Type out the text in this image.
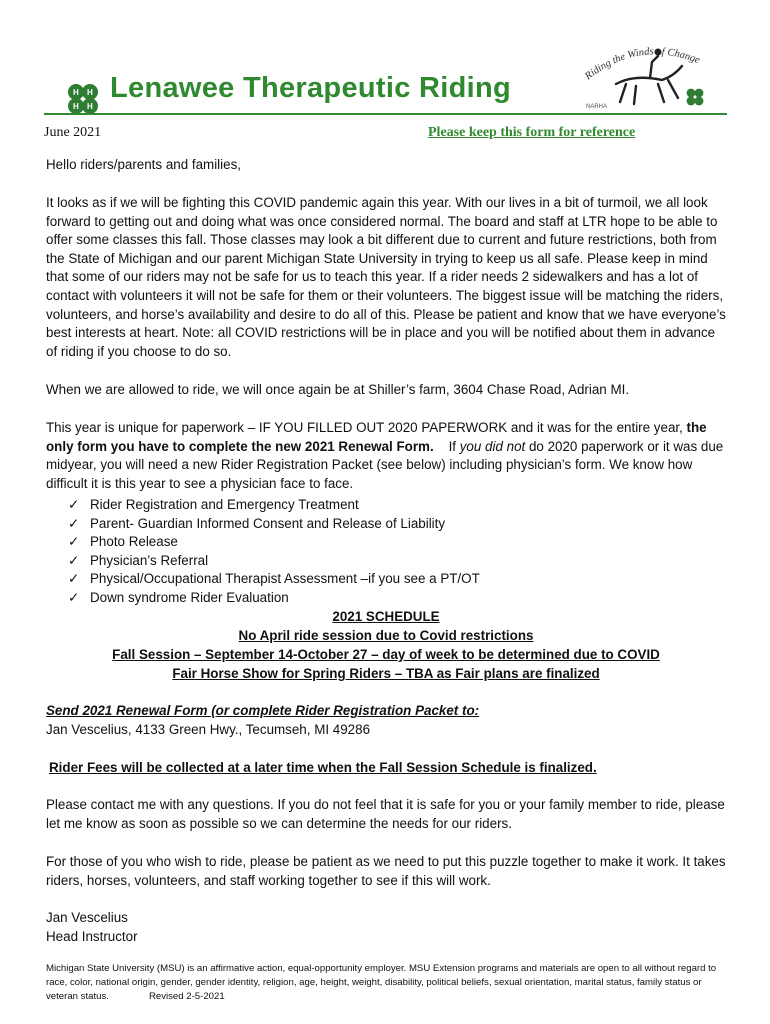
H H
H H
Lenawee Therapeutic Riding	Riding the Winds f Change
NARHA
June 2021	Please keep this form for reference
Hello riders/parents and families,
It looks as if we will be fighting this COVID pandemic again this year. With our lives in a bit of turmoil, we all look forward to getting out and doing what was once considered normal. The board and staff at LTR hope to be able to offer some classes this fall. Those classes may look a bit different due to current and future restrictions, both from the State of Michigan and our parent Michigan State University in trying to keep us all safe. Please keep in mind that some of our riders may not be safe for us to teach this year. If a rider needs 2 sidewalkers and has a lot of contact with volunteers it will not be safe for them or their volunteers. The biggest issue will be matching the riders, volunteers, and horse’s availability and desire to do all of this. Please be patient and know that we have everyone’s best interests at heart. Note: all COVID restrictions will be in place and you will be notified about them in advance of riding if you choose to do so.
When we are allowed to ride, we will once again be at Shiller’s farm, 3604 Chase Road, Adrian MI.
This year is unique for paperwork – IF YOU FILLED OUT 2020 PAPERWORK and it was for the entire year, the only form you have to complete the new 2021 Renewal Form.    If you did not do 2020 paperwork or it was due midyear, you will need a new Rider Registration Packet (see below) including physician’s form. We know how difficult it is this year to see a physician face to face.
✓ Rider Registration and Emergency Treatment
✓ Parent- Guardian Informed Consent and Release of Liability
✓ Photo Release
✓ Physician’s Referral
✓ Physical/Occupational Therapist Assessment –if you see a PT/OT
✓ Down syndrome Rider Evaluation
2021 SCHEDULE
No April ride session due to Covid restrictions
Fall Session – September 14-October 27 – day of week to be determined due to COVID
Fair Horse Show for Spring Riders – TBA as Fair plans are finalized
Send 2021 Renewal Form (or complete Rider Registration Packet to:
Jan Vescelius, 4133 Green Hwy., Tecumseh, MI 49286
Rider Fees will be collected at a later time when the Fall Session Schedule is finalized.
Please contact me with any questions. If you do not feel that it is safe for you or your family member to ride, please let me know as soon as possible so we can determine the needs for our riders.
For those of you who wish to ride, please be patient as we need to put this puzzle together to make it work. It takes riders, horses, volunteers, and staff working together to see if this will work.
Jan Vescelius
Head Instructor
Michigan State University (MSU) is an affirmative action, equal-opportunity employer. MSU Extension programs and materials are open to all without regard to race, color, national origin, gender, gender identity, religion, age, height, weight, disability, political beliefs, sexual orientation, marital status, family status or veteran status.	Revised 2-5-2021
